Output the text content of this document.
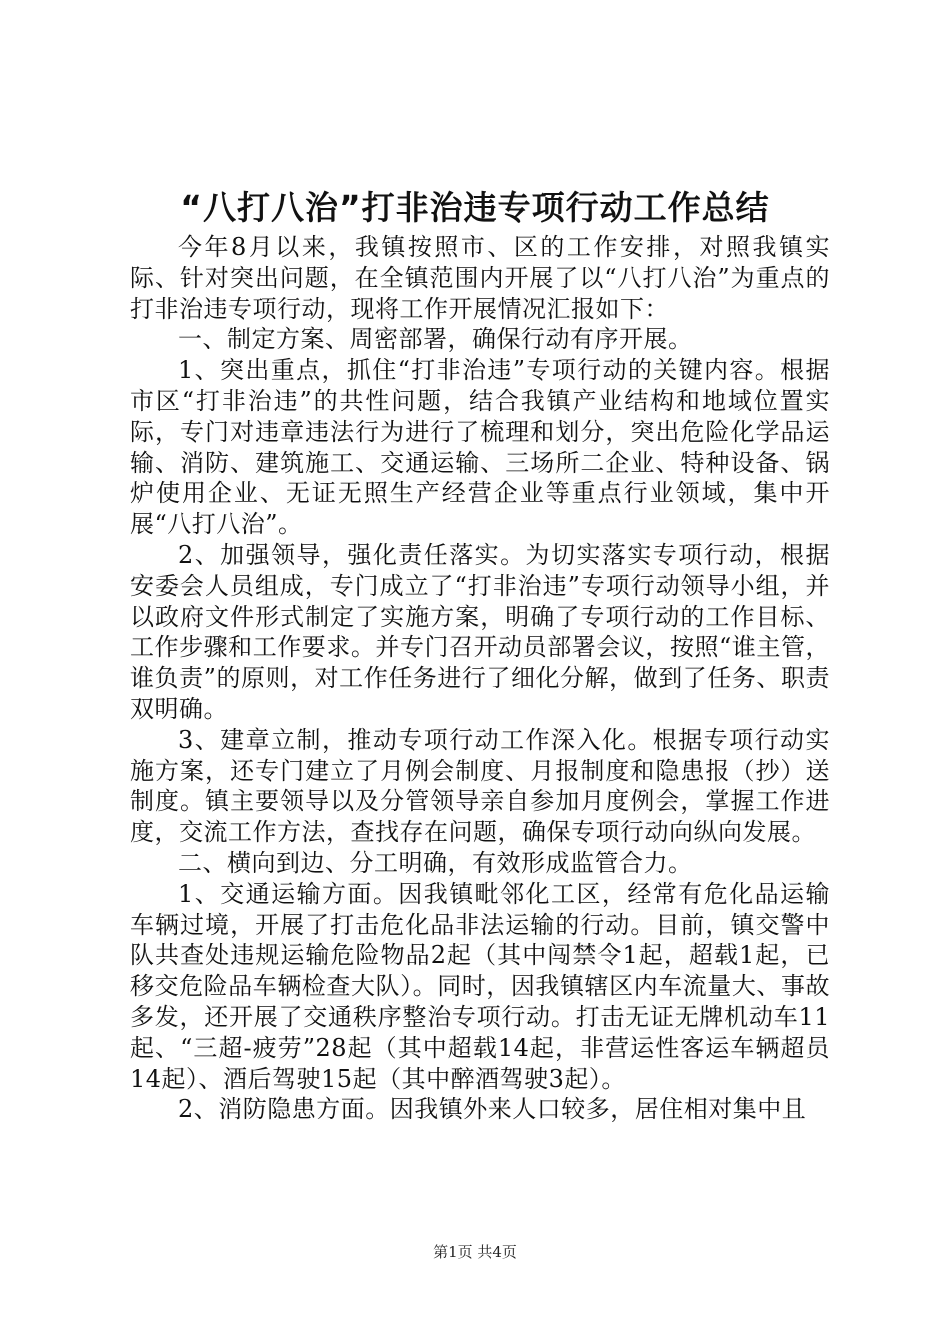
“八打八治”打非治违专项行动工作总结

今年8月以来，我镇按照市、区的工作安排，对照我镇实际、针对突出问题，在全镇范围内开展了以“八打八治”为重点的打非治违专项行动，现将工作开展情况汇报如下：

一、制定方案、周密部署，确保行动有序开展。

1、突出重点，抓住“打非治违”专项行动的关键内容。根据市区“打非治违”的共性问题，结合我镇产业结构和地域位置实际，专门对违章违法行为进行了梳理和划分，突出危险化学品运输、消防、建筑施工、交通运输、三场所二企业、特种设备、锅炉使用企业、无证无照生产经营企业等重点行业领域，集中开展“八打八治”。

2、加强领导，强化责任落实。为切实落实专项行动，根据安委会人员组成，专门成立了“打非治违”专项行动领导小组，并以政府文件形式制定了实施方案，明确了专项行动的工作目标、工作步骤和工作要求。并专门召开动员部署会议，按照“谁主管，谁负责”的原则，对工作任务进行了细化分解，做到了任务、职责双明确。

3、建章立制，推动专项行动工作深入化。根据专项行动实施方案，还专门建立了月例会制度、月报制度和隐患报（抄）送制度。镇主要领导以及分管领导亲自参加月度例会，掌握工作进度，交流工作方法，查找存在问题，确保专项行动向纵向发展。

二、横向到边、分工明确，有效形成监管合力。

1、交通运输方面。因我镇毗邻化工区，经常有危化品运输车辆过境，开展了打击危化品非法运输的行动。目前，镇交警中队共查处违规运输危险物品2起（其中闯禁令1起，超载1起，已移交危险品车辆检查大队）。同时，因我镇辖区内车流量大、事故多发，还开展了交通秩序整治专项行动。打击无证无牌机动车11起、“三超-疲劳”28起（其中超载14起，非营运性客运车辆超员14起）、酒后驾驶15起（其中醉酒驾驶3起）。

2、消防隐患方面。因我镇外来人口较多，居住相对集中且

第1页 共4页
